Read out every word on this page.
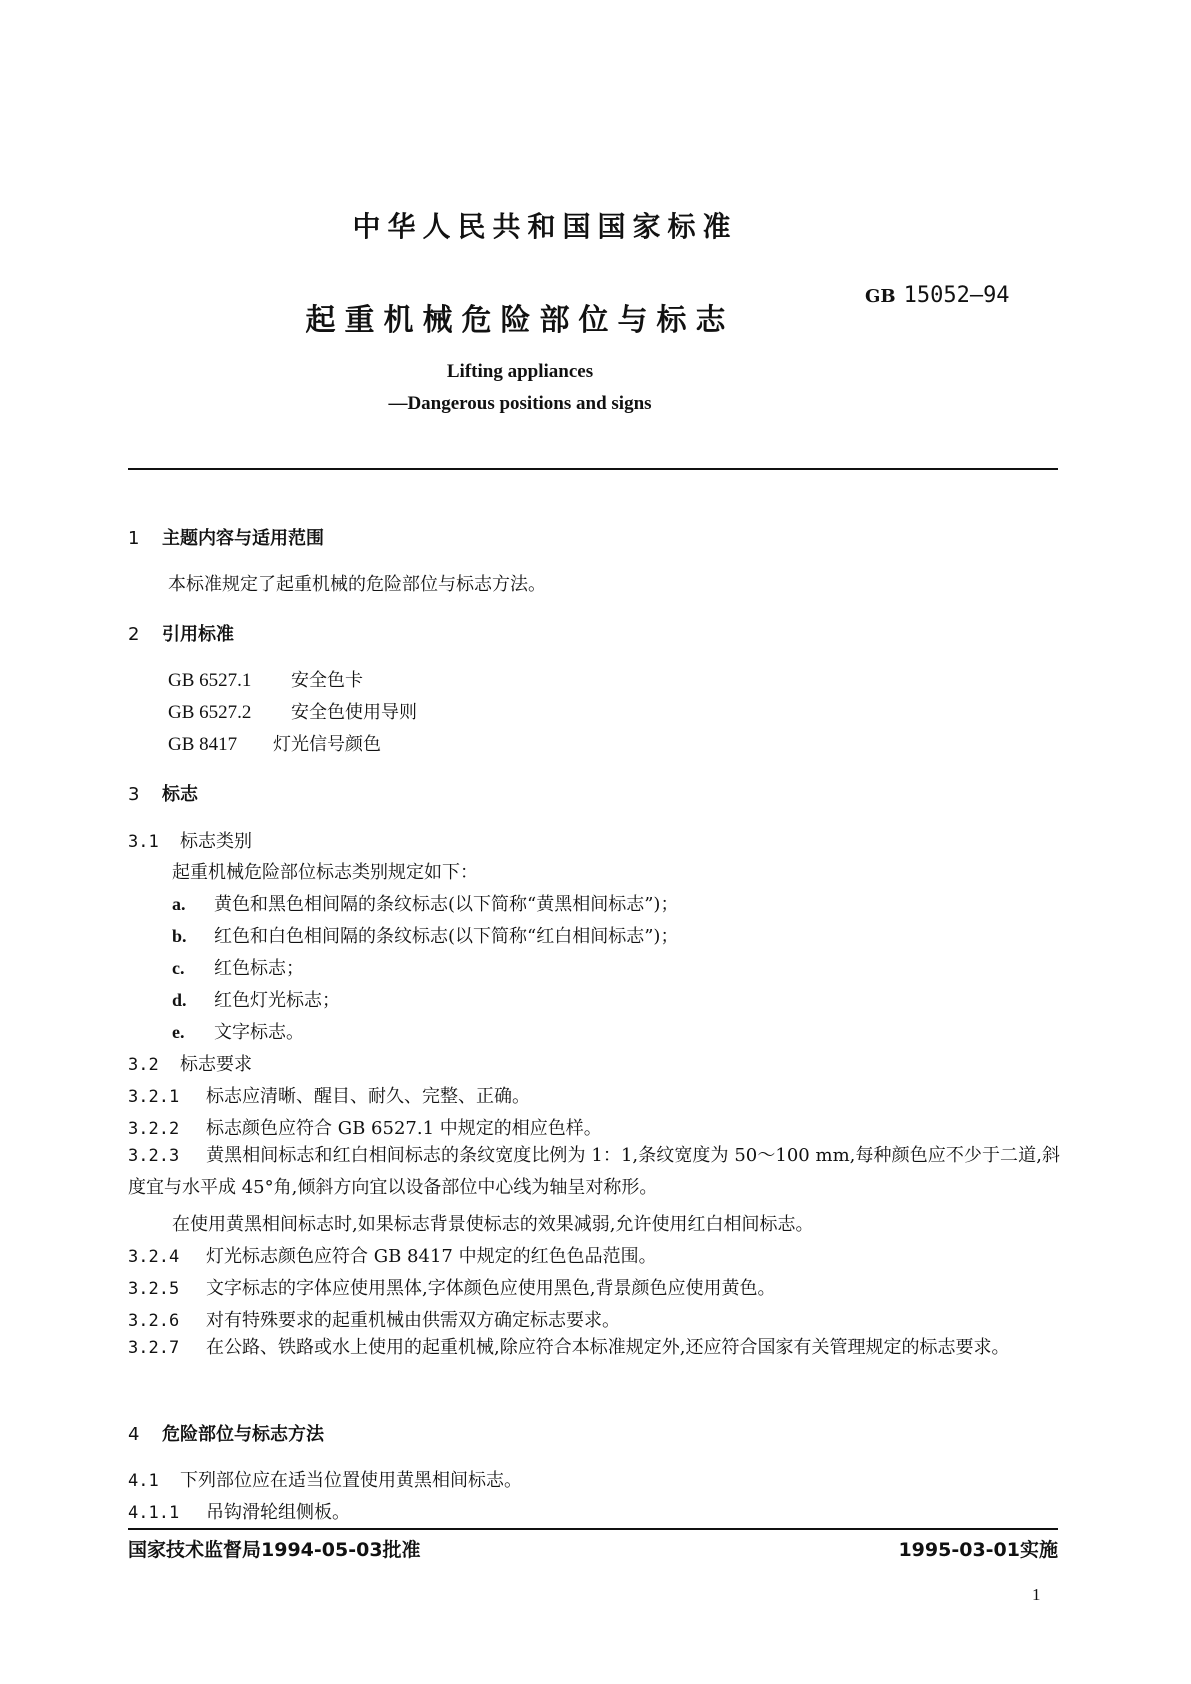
中华人民共和国国家标准
起重机械危险部位与标志
GB 15052—94
Lifting appliances
—Dangerous positions and signs
1 主题内容与适用范围
本标准规定了起重机械的危险部位与标志方法。
2 引用标准
GB 6527.1 安全色卡
GB 6527.2 安全色使用导则
GB 8417 灯光信号颜色
3 标志
3.1 标志类别
起重机械危险部位标志类别规定如下：
a. 黄色和黑色相间隔的条纹标志(以下简称“黄黑相间标志”)；
b. 红色和白色相间隔的条纹标志(以下简称“红白相间标志”)；
c. 红色标志；
d. 红色灯光标志；
e. 文字标志。
3.2 标志要求
3.2.1 标志应清晰、醒目、耐久、完整、正确。
3.2.2 标志颜色应符合 GB 6527.1 中规定的相应色样。
3.2.3 黄黑相间标志和红白相间标志的条纹宽度比例为 1：1,条纹宽度为 50～100 mm,每种颜色应不少于二道,斜度宜与水平成 45°角,倾斜方向宜以设备部位中心线为轴呈对称形。
在使用黄黑相间标志时,如果标志背景使标志的效果减弱,允许使用红白相间标志。
3.2.4 灯光标志颜色应符合 GB 8417 中规定的红色色品范围。
3.2.5 文字标志的字体应使用黑体,字体颜色应使用黑色,背景颜色应使用黄色。
3.2.6 对有特殊要求的起重机械由供需双方确定标志要求。
3.2.7 在公路、铁路或水上使用的起重机械,除应符合本标准规定外,还应符合国家有关管理规定的标志要求。
4 危险部位与标志方法
4.1 下列部位应在适当位置使用黄黑相间标志。
4.1.1 吊钩滑轮组侧板。
国家技术监督局1994-05-03批准	1995-03-01实施
1
